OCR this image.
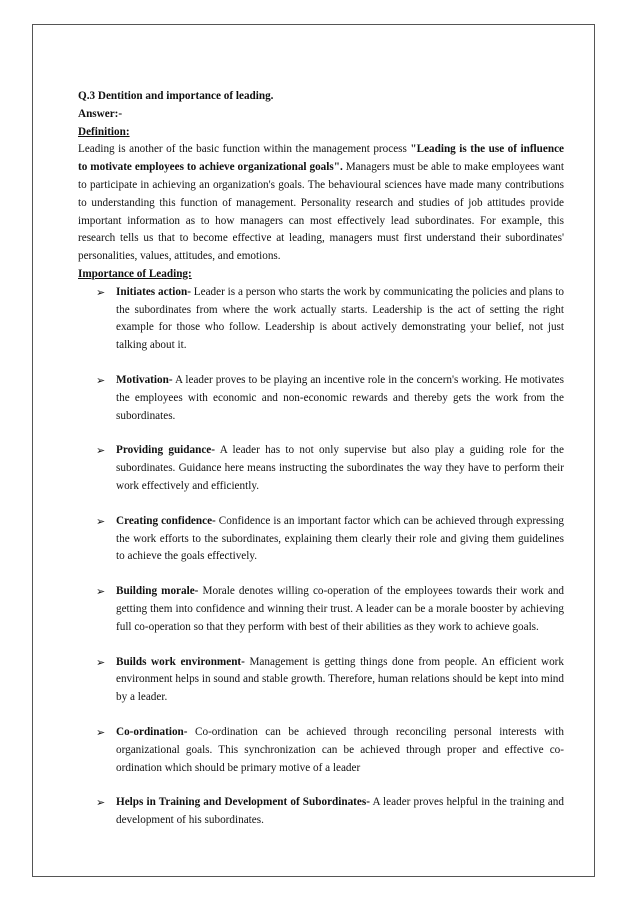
Q.3 Dentition and importance of leading.

Answer:-

Definition:

Leading is another of the basic function within the management process "Leading is the use of influence to motivate employees to achieve organizational goals". Managers must be able to make employees want to participate in achieving an organization's goals. The behavioural sciences have made many contributions to understanding this function of management. Personality research and studies of job attitudes provide important information as to how managers can most effectively lead subordinates. For example, this research tells us that to become effective at leading, managers must first understand their subordinates' personalities, values, attitudes, and emotions.

Importance of Leading:

➢ Initiates action- Leader is a person who starts the work by communicating the policies and plans to the subordinates from where the work actually starts. Leadership is the act of setting the right example for those who follow. Leadership is about actively demonstrating your belief, not just talking about it.
➢ Motivation- A leader proves to be playing an incentive role in the concern's working. He motivates the employees with economic and non-economic rewards and thereby gets the work from the subordinates.
➢ Providing guidance- A leader has to not only supervise but also play a guiding role for the subordinates. Guidance here means instructing the subordinates the way they have to perform their work effectively and efficiently.
➢ Creating confidence- Confidence is an important factor which can be achieved through expressing the work efforts to the subordinates, explaining them clearly their role and giving them guidelines to achieve the goals effectively.
➢ Building morale- Morale denotes willing co-operation of the employees towards their work and getting them into confidence and winning their trust. A leader can be a morale booster by achieving full co-operation so that they perform with best of their abilities as they work to achieve goals.
➢ Builds work environment- Management is getting things done from people. An efficient work environment helps in sound and stable growth. Therefore, human relations should be kept into mind by a leader.
➢ Co-ordination- Co-ordination can be achieved through reconciling personal interests with organizational goals. This synchronization can be achieved through proper and effective co-ordination which should be primary motive of a leader
➢ Helps in Training and Development of Subordinates- A leader proves helpful in the training and development of his subordinates.
